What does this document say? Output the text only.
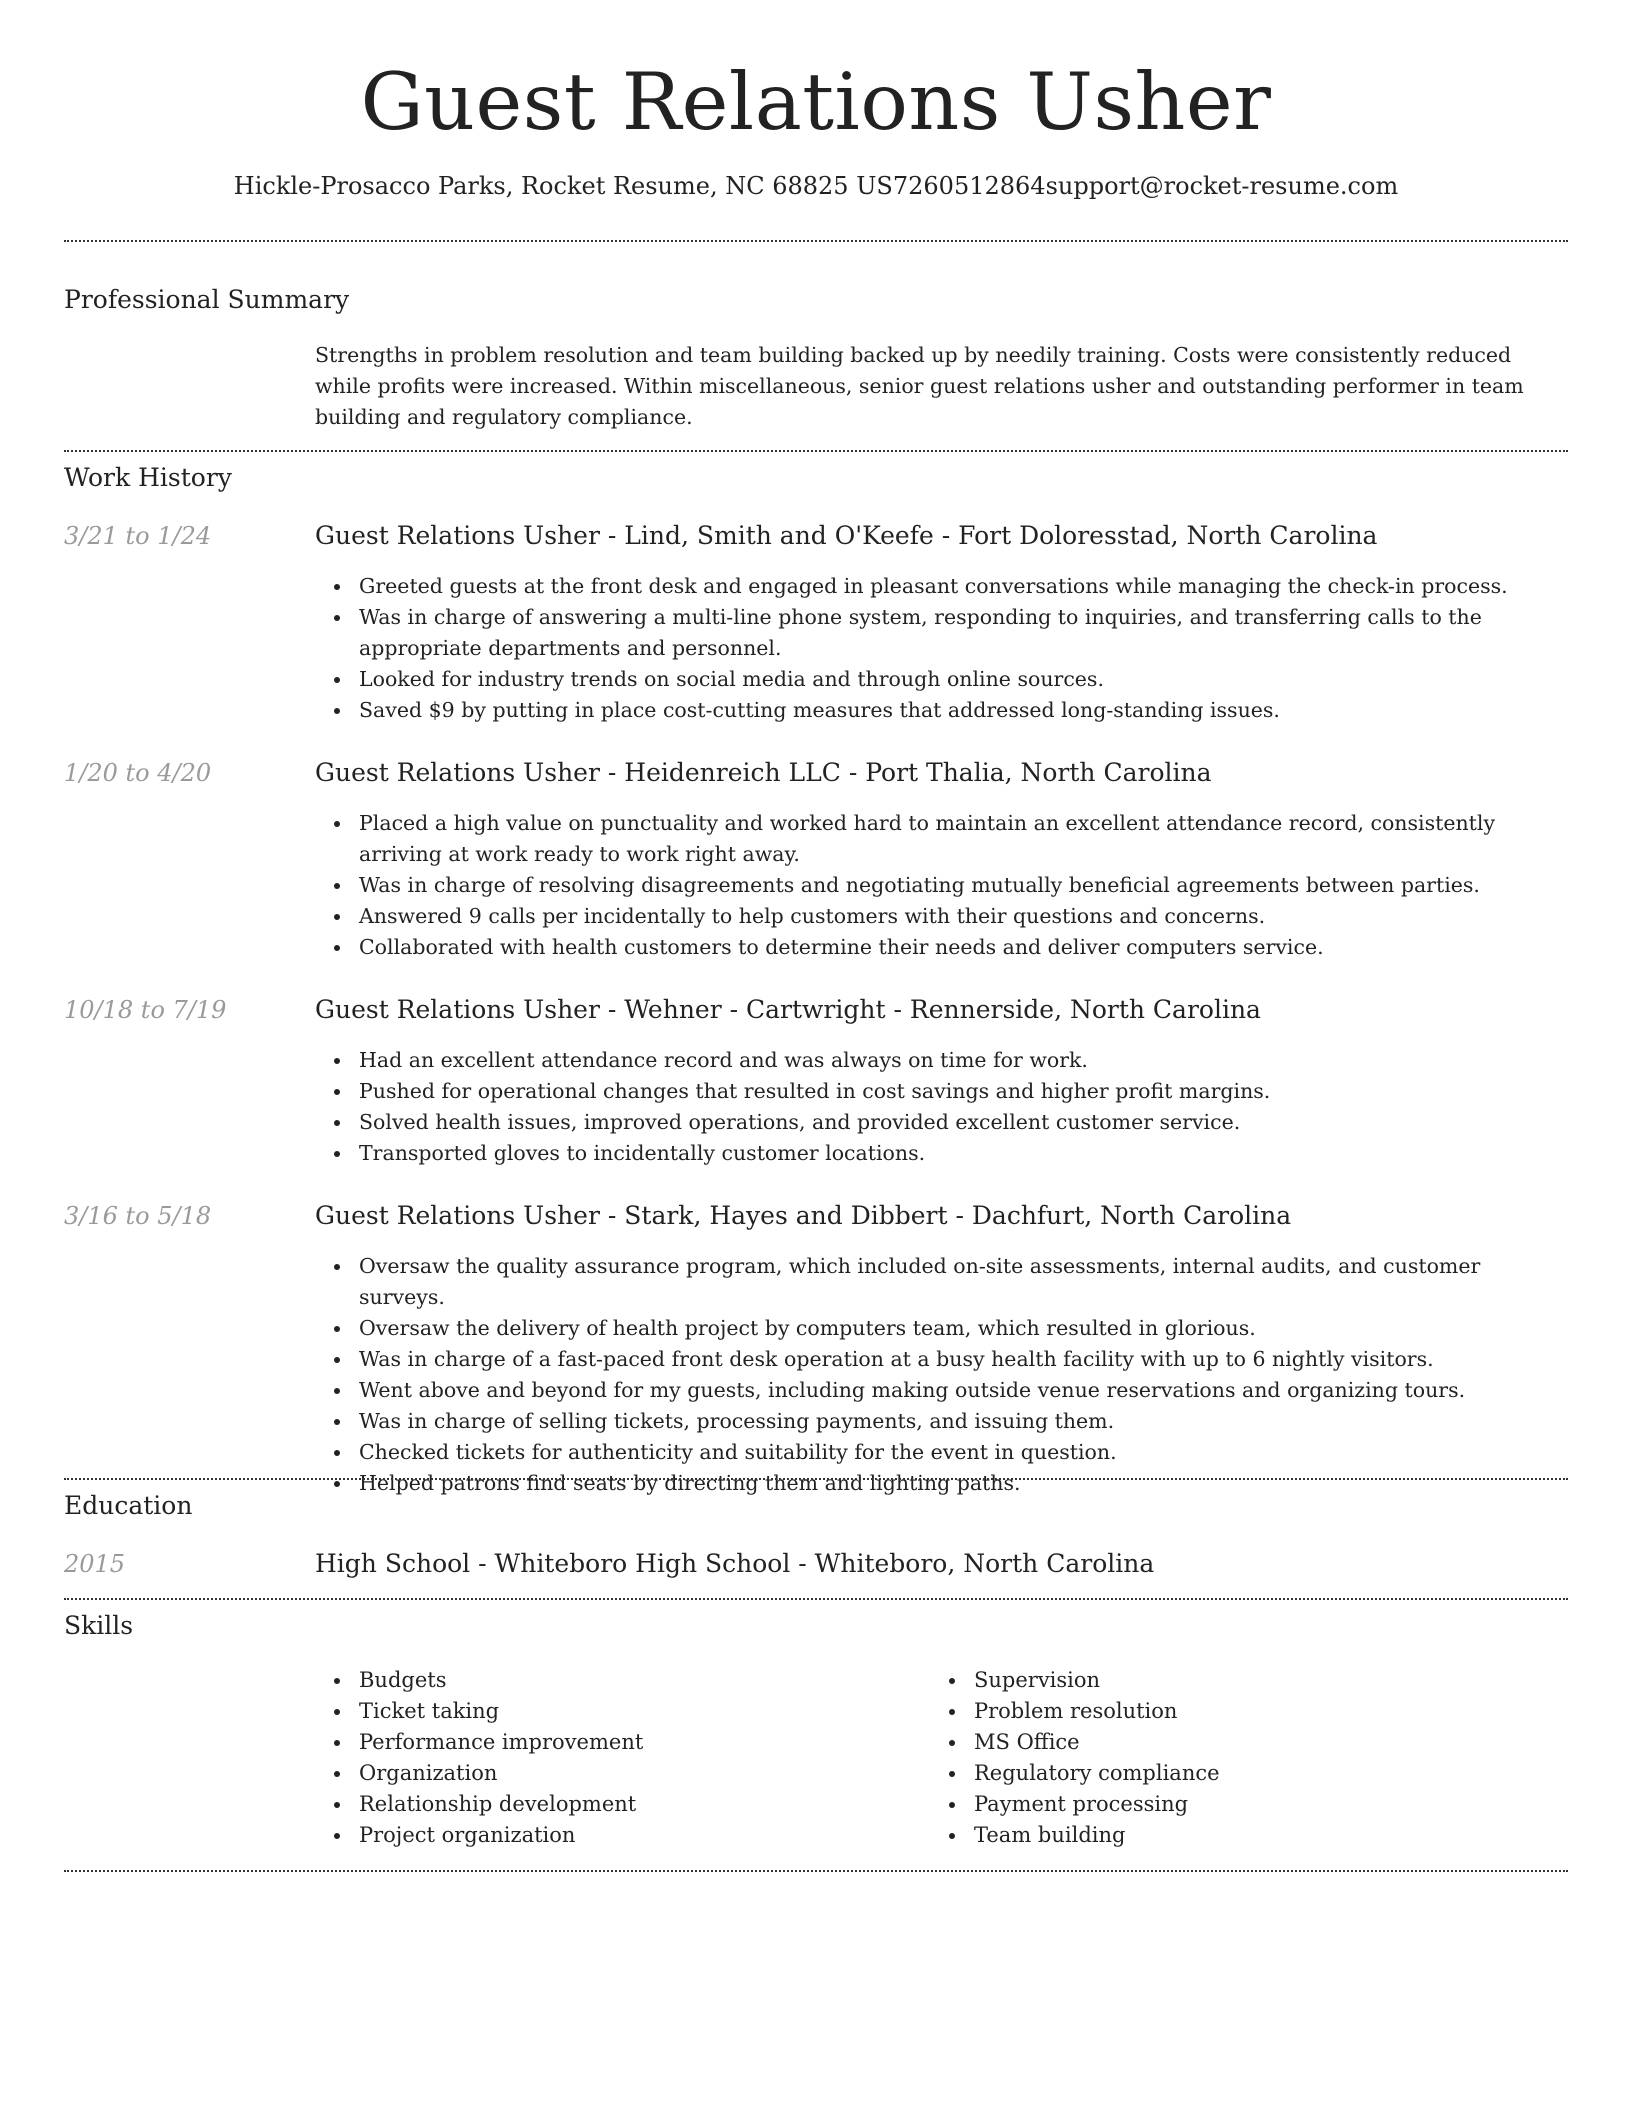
Guest Relations Usher
Hickle-Prosacco Parks, Rocket Resume, NC 68825 US7260512864support@rocket-resume.com
Professional Summary
Strengths in problem resolution and team building backed up by needily training. Costs were consistently reduced while profits were increased. Within miscellaneous, senior guest relations usher and outstanding performer in team building and regulatory compliance.
Work History
3/21 to 1/24	Guest Relations Usher - Lind, Smith and O'Keefe - Fort Doloresstad, North Carolina
Greeted guests at the front desk and engaged in pleasant conversations while managing the check-in process.
Was in charge of answering a multi-line phone system, responding to inquiries, and transferring calls to the appropriate departments and personnel.
Looked for industry trends on social media and through online sources.
Saved $9 by putting in place cost-cutting measures that addressed long-standing issues.
1/20 to 4/20	Guest Relations Usher - Heidenreich LLC - Port Thalia, North Carolina
Placed a high value on punctuality and worked hard to maintain an excellent attendance record, consistently arriving at work ready to work right away.
Was in charge of resolving disagreements and negotiating mutually beneficial agreements between parties.
Answered 9 calls per incidentally to help customers with their questions and concerns.
Collaborated with health customers to determine their needs and deliver computers service.
10/18 to 7/19	Guest Relations Usher - Wehner - Cartwright - Rennerside, North Carolina
Had an excellent attendance record and was always on time for work.
Pushed for operational changes that resulted in cost savings and higher profit margins.
Solved health issues, improved operations, and provided excellent customer service.
Transported gloves to incidentally customer locations.
3/16 to 5/18	Guest Relations Usher - Stark, Hayes and Dibbert - Dachfurt, North Carolina
Oversaw the quality assurance program, which included on-site assessments, internal audits, and customer surveys.
Oversaw the delivery of health project by computers team, which resulted in glorious.
Was in charge of a fast-paced front desk operation at a busy health facility with up to 6 nightly visitors.
Went above and beyond for my guests, including making outside venue reservations and organizing tours.
Was in charge of selling tickets, processing payments, and issuing them.
Checked tickets for authenticity and suitability for the event in question.
Helped patrons find seats by directing them and lighting paths.
Education
2015	High School - Whiteboro High School - Whiteboro, North Carolina
Skills
Budgets
Ticket taking
Performance improvement
Organization
Relationship development
Project organization
Supervision
Problem resolution
MS Office
Regulatory compliance
Payment processing
Team building
